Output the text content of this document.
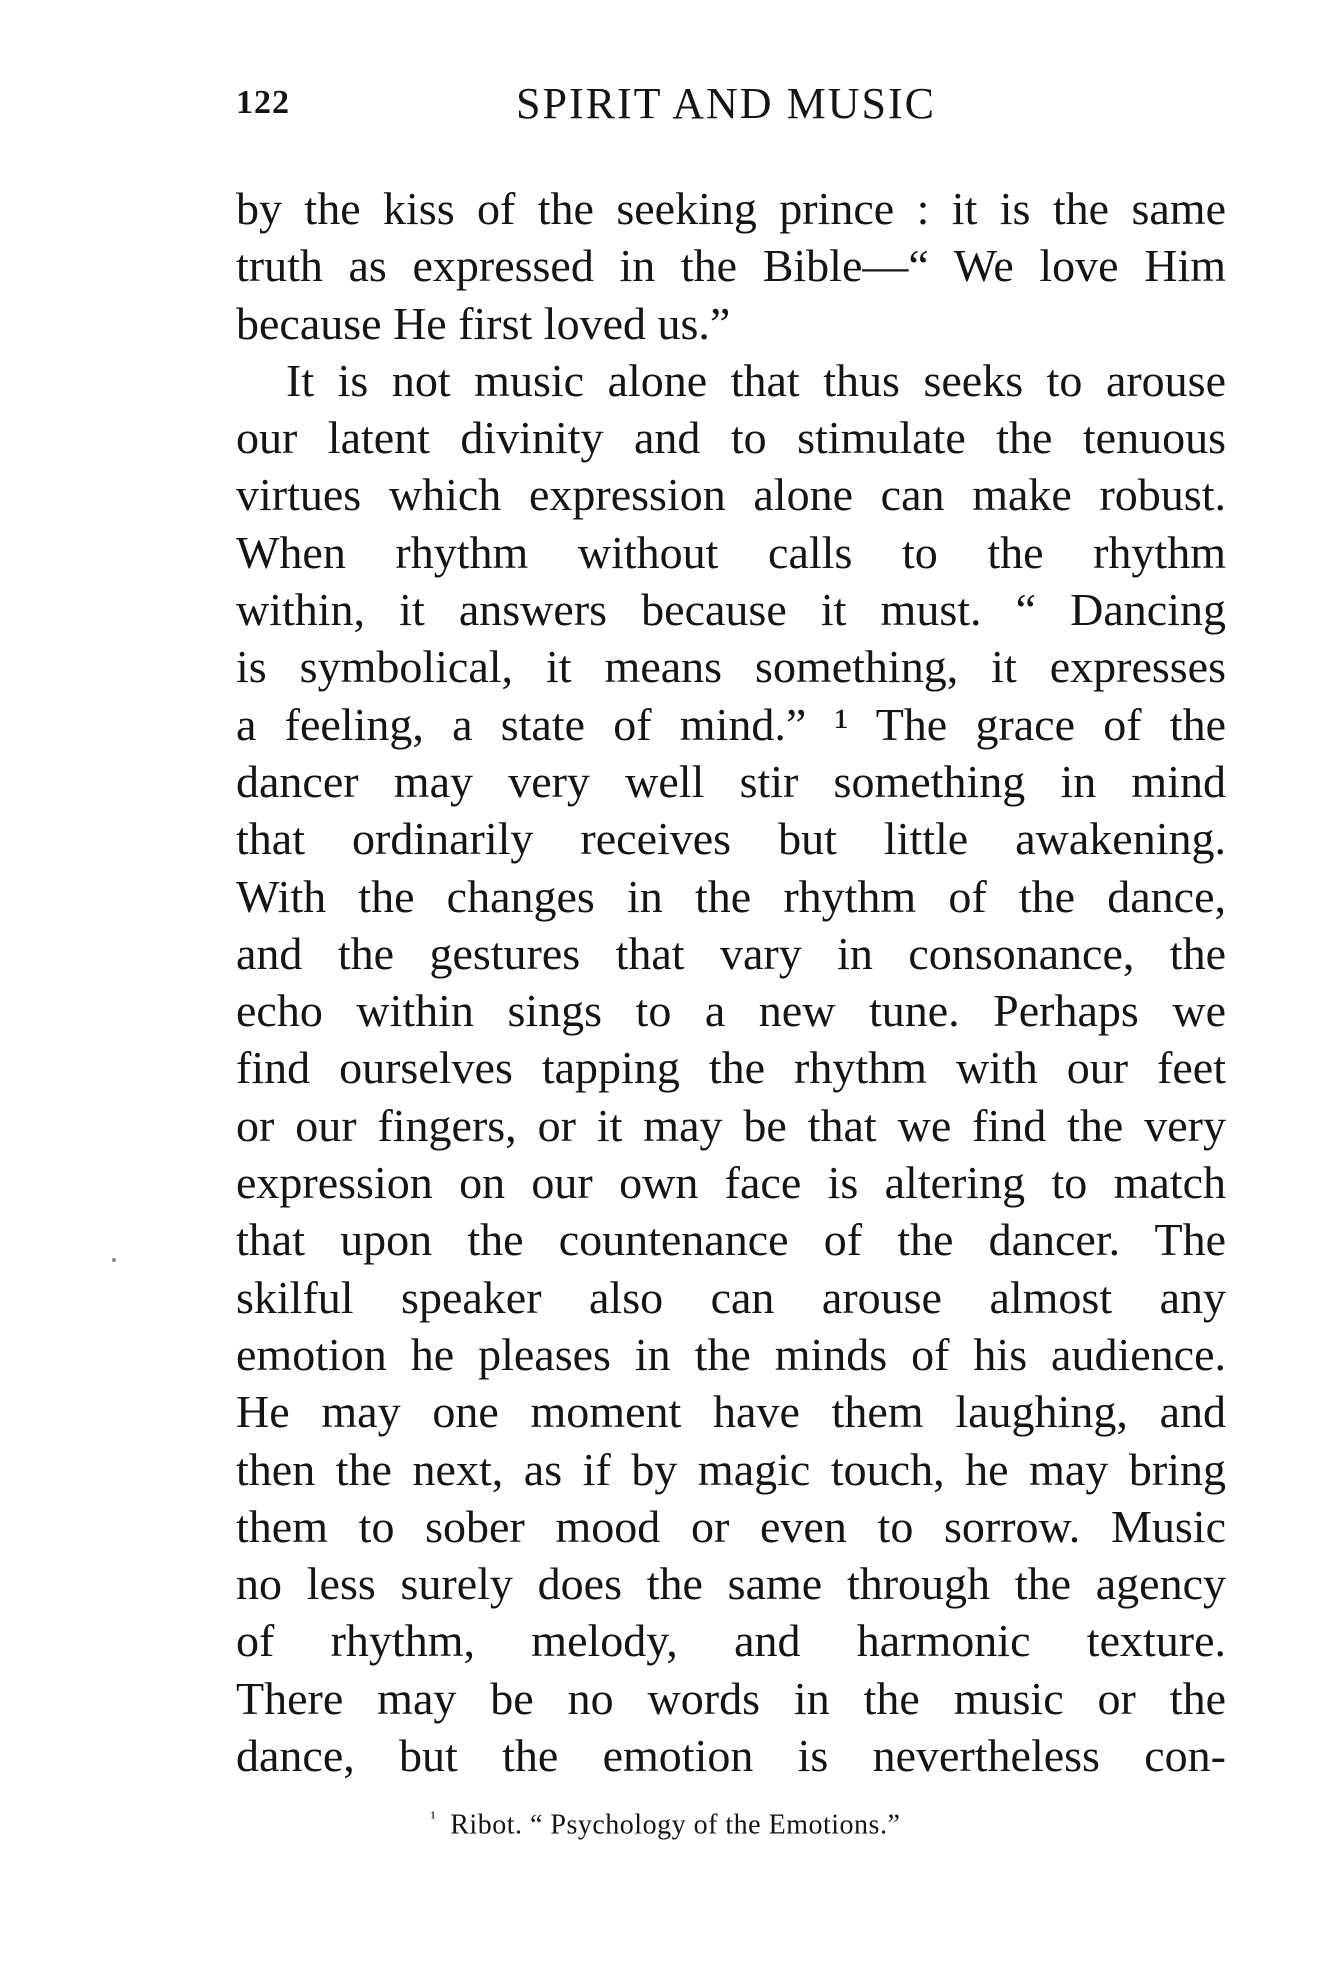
122	SPIRIT AND MUSIC
by the kiss of the seeking prince : it is the same
truth as expressed in the Bible—“ We love Him
because He first loved us.”
It is not music alone that thus seeks to arouse
our latent divinity and to stimulate the tenuous
virtues which expression alone can make robust.
When rhythm without calls to the rhythm
within, it answers because it must. “ Dancing
is symbolical, it means something, it expresses
a feeling, a state of mind.” ¹ The grace of the
dancer may very well stir something in mind
that ordinarily receives but little awakening.
With the changes in the rhythm of the dance,
and the gestures that vary in consonance, the
echo within sings to a new tune. Perhaps we
find ourselves tapping the rhythm with our feet
or our fingers, or it may be that we find the very
expression on our own face is altering to match
that upon the countenance of the dancer. The
skilful speaker also can arouse almost any
emotion he pleases in the minds of his audience.
He may one moment have them laughing, and
then the next, as if by magic touch, he may bring
them to sober mood or even to sorrow. Music
no less surely does the same through the agency
of rhythm, melody, and harmonic texture.
There may be no words in the music or the
dance, but the emotion is nevertheless con-
$^{^1}$ Ribot. “ Psychology of the Emotions.”
